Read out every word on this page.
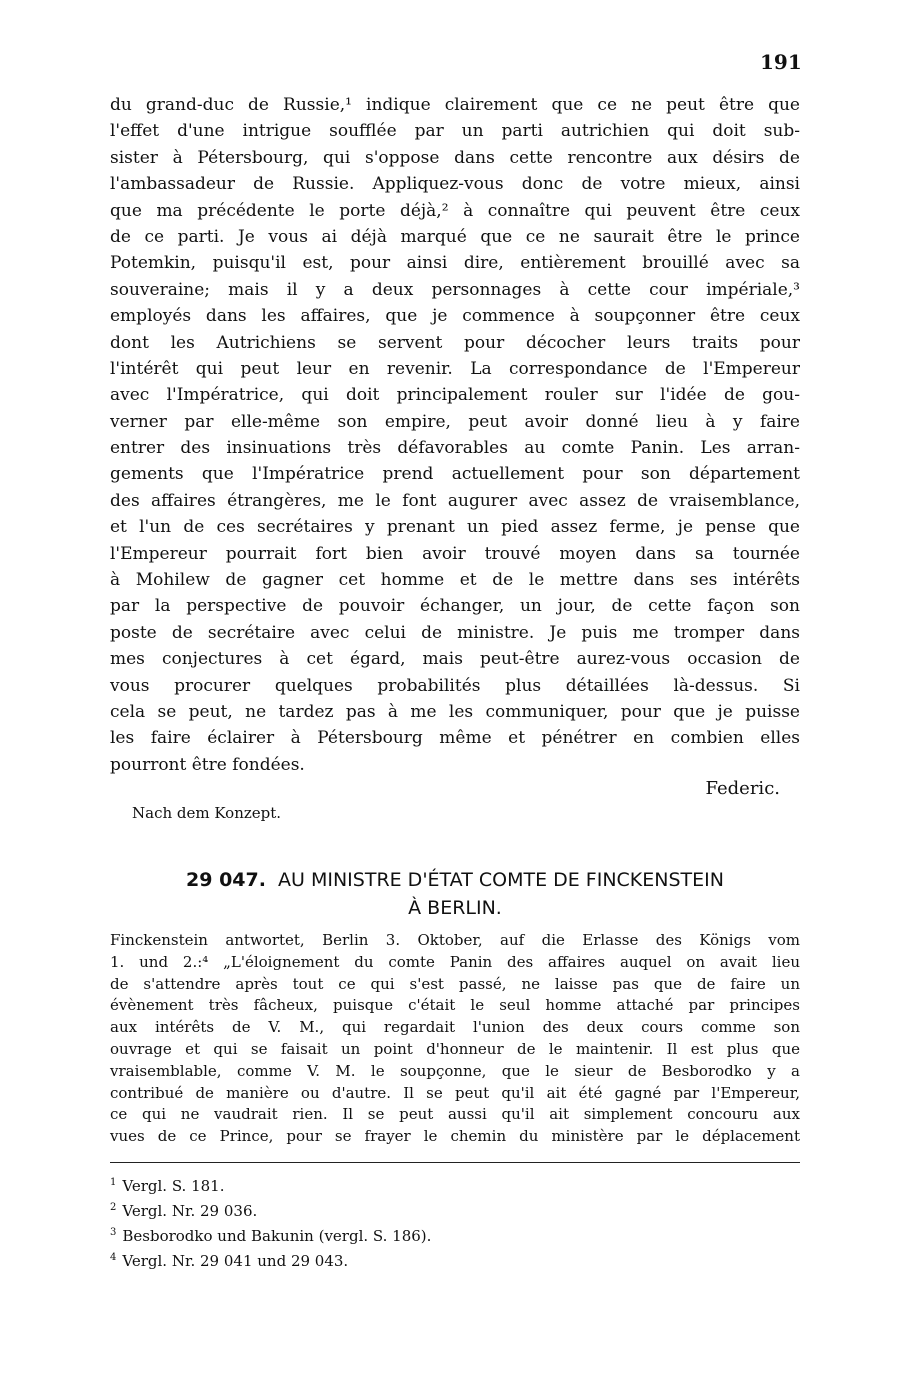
191
du grand-duc de Russie,¹ indique clairement que ce ne peut être que
l'effet d'une intrigue soufflée par un parti autrichien qui doit sub-
sister à Pétersbourg, qui s'oppose dans cette rencontre aux désirs de
l'ambassadeur de Russie. Appliquez-vous donc de votre mieux, ainsi
que ma précédente le porte déjà,² à connaître qui peuvent être ceux
de ce parti. Je vous ai déjà marqué que ce ne saurait être le prince
Potemkin, puisqu'il est, pour ainsi dire, entièrement brouillé avec sa
souveraine; mais il y a deux personnages à cette cour impériale,³
employés dans les affaires, que je commence à soupçonner être ceux
dont les Autrichiens se servent pour décocher leurs traits pour
l'intérêt qui peut leur en revenir. La correspondance de l'Empereur
avec l'Impératrice, qui doit principalement rouler sur l'idée de gou-
verner par elle-même son empire, peut avoir donné lieu à y faire
entrer des insinuations très défavorables au comte Panin. Les arran-
gements que l'Impératrice prend actuellement pour son département
des affaires étrangères, me le font augurer avec assez de vraisemblance,
et l'un de ces secrétaires y prenant un pied assez ferme, je pense que
l'Empereur pourrait fort bien avoir trouvé moyen dans sa tournée
à Mohilew de gagner cet homme et de le mettre dans ses intérêts
par la perspective de pouvoir échanger, un jour, de cette façon son
poste de secrétaire avec celui de ministre. Je puis me tromper dans
mes conjectures à cet égard, mais peut-être aurez-vous occasion de
vous procurer quelques probabilités plus détaillées là-dessus. Si
cela se peut, ne tardez pas à me les communiquer, pour que je puisse
les faire éclairer à Pétersbourg même et pénétrer en combien elles
pourront être fondées.
Federic.
Nach dem Konzept.
29 047. AU MINISTRE D'ÉTAT COMTE DE FINCKENSTEIN
À BERLIN.
Finckenstein antwortet, Berlin 3. Oktober, auf die Erlasse des Königs vom
1. und 2.:⁴ „L'éloignement du comte Panin des affaires auquel on avait lieu
de s'attendre après tout ce qui s'est passé, ne laisse pas que de faire un
évènement très fâcheux, puisque c'était le seul homme attaché par principes
aux intérêts de V. M., qui regardait l'union des deux cours comme son
ouvrage et qui se faisait un point d'honneur de le maintenir. Il est plus que
vraisemblable, comme V. M. le soupçonne, que le sieur de Besborodko y a
contribué de manière ou d'autre. Il se peut qu'il ait été gagné par l'Empereur,
ce qui ne vaudrait rien. Il se peut aussi qu'il ait simplement concouru aux
vues de ce Prince, pour se frayer le chemin du ministère par le déplacement
$^1$ Vergl. S. 181.
$^2$ Vergl. Nr. 29 036.
$^3$ Besborodko und Bakunin (vergl. S. 186).
$^4$ Vergl. Nr. 29 041 und 29 043.
